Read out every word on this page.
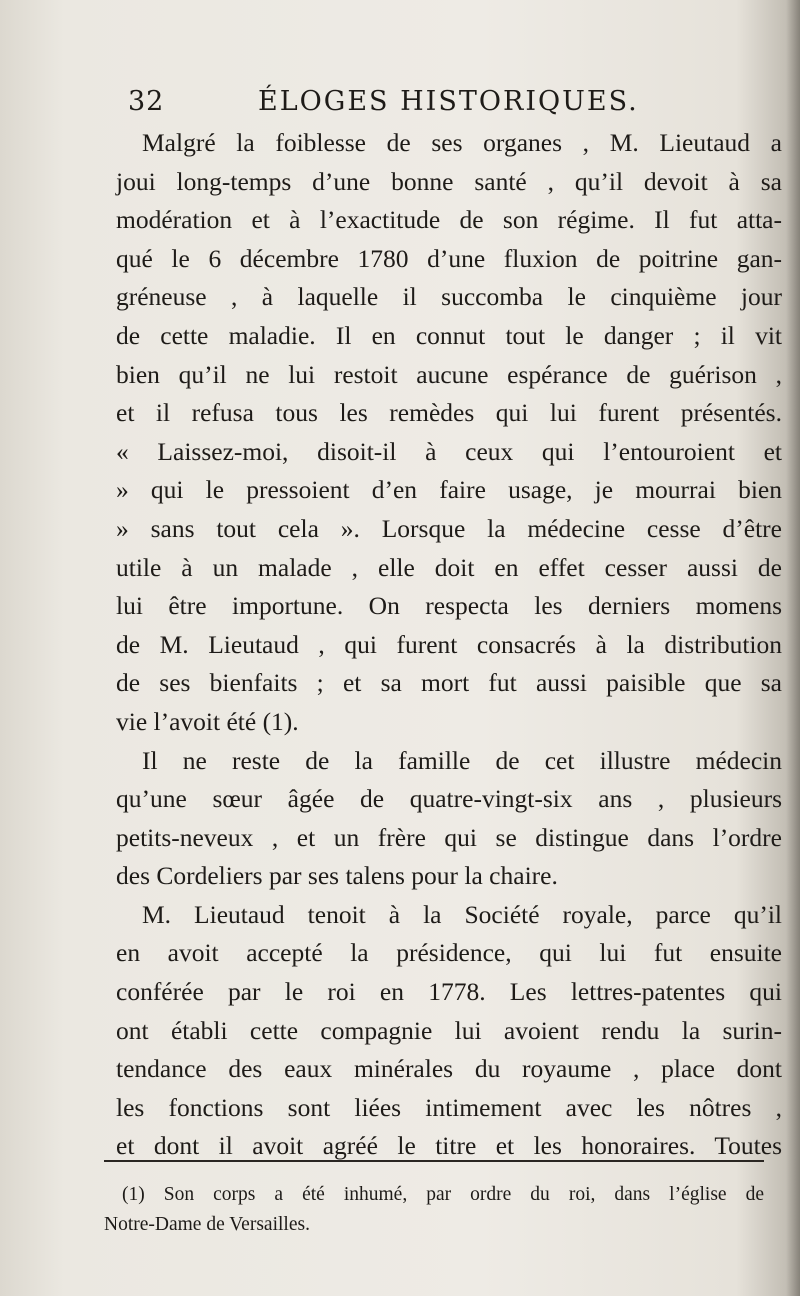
32	ÉLOGES HISTORIQUES.
Malgré la foiblesse de ses organes , M. Lieutaud a
joui long-temps d’une bonne santé , qu’il devoit à sa
modération et à l’exactitude de son régime. Il fut atta-
qué le 6 décembre 1780 d’une fluxion de poitrine gan-
gréneuse , à laquelle il succomba le cinquième jour
de cette maladie. Il en connut tout le danger ; il vit
bien qu’il ne lui restoit aucune espérance de guérison ,
et il refusa tous les remèdes qui lui furent présentés.
« Laissez-moi, disoit-il à ceux qui l’entouroient et
» qui le pressoient d’en faire usage, je mourrai bien
» sans tout cela ». Lorsque la médecine cesse d’être
utile à un malade , elle doit en effet cesser aussi de
lui être importune. On respecta les derniers momens
de M. Lieutaud , qui furent consacrés à la distribution
de ses bienfaits ; et sa mort fut aussi paisible que sa
vie l’avoit été (1).
Il ne reste de la famille de cet illustre médecin
qu’une sœur âgée de quatre-vingt-six ans , plusieurs
petits-neveux , et un frère qui se distingue dans l’ordre
des Cordeliers par ses talens pour la chaire.
M. Lieutaud tenoit à la Société royale, parce qu’il
en avoit accepté la présidence, qui lui fut ensuite
conférée par le roi en 1778. Les lettres-patentes qui
ont établi cette compagnie lui avoient rendu la surin-
tendance des eaux minérales du royaume , place dont
les fonctions sont liées intimement avec les nôtres ,
et dont il avoit agréé le titre et les honoraires. Toutes
(1) Son corps a été inhumé, par ordre du roi, dans l’église de
Notre-Dame de Versailles.
